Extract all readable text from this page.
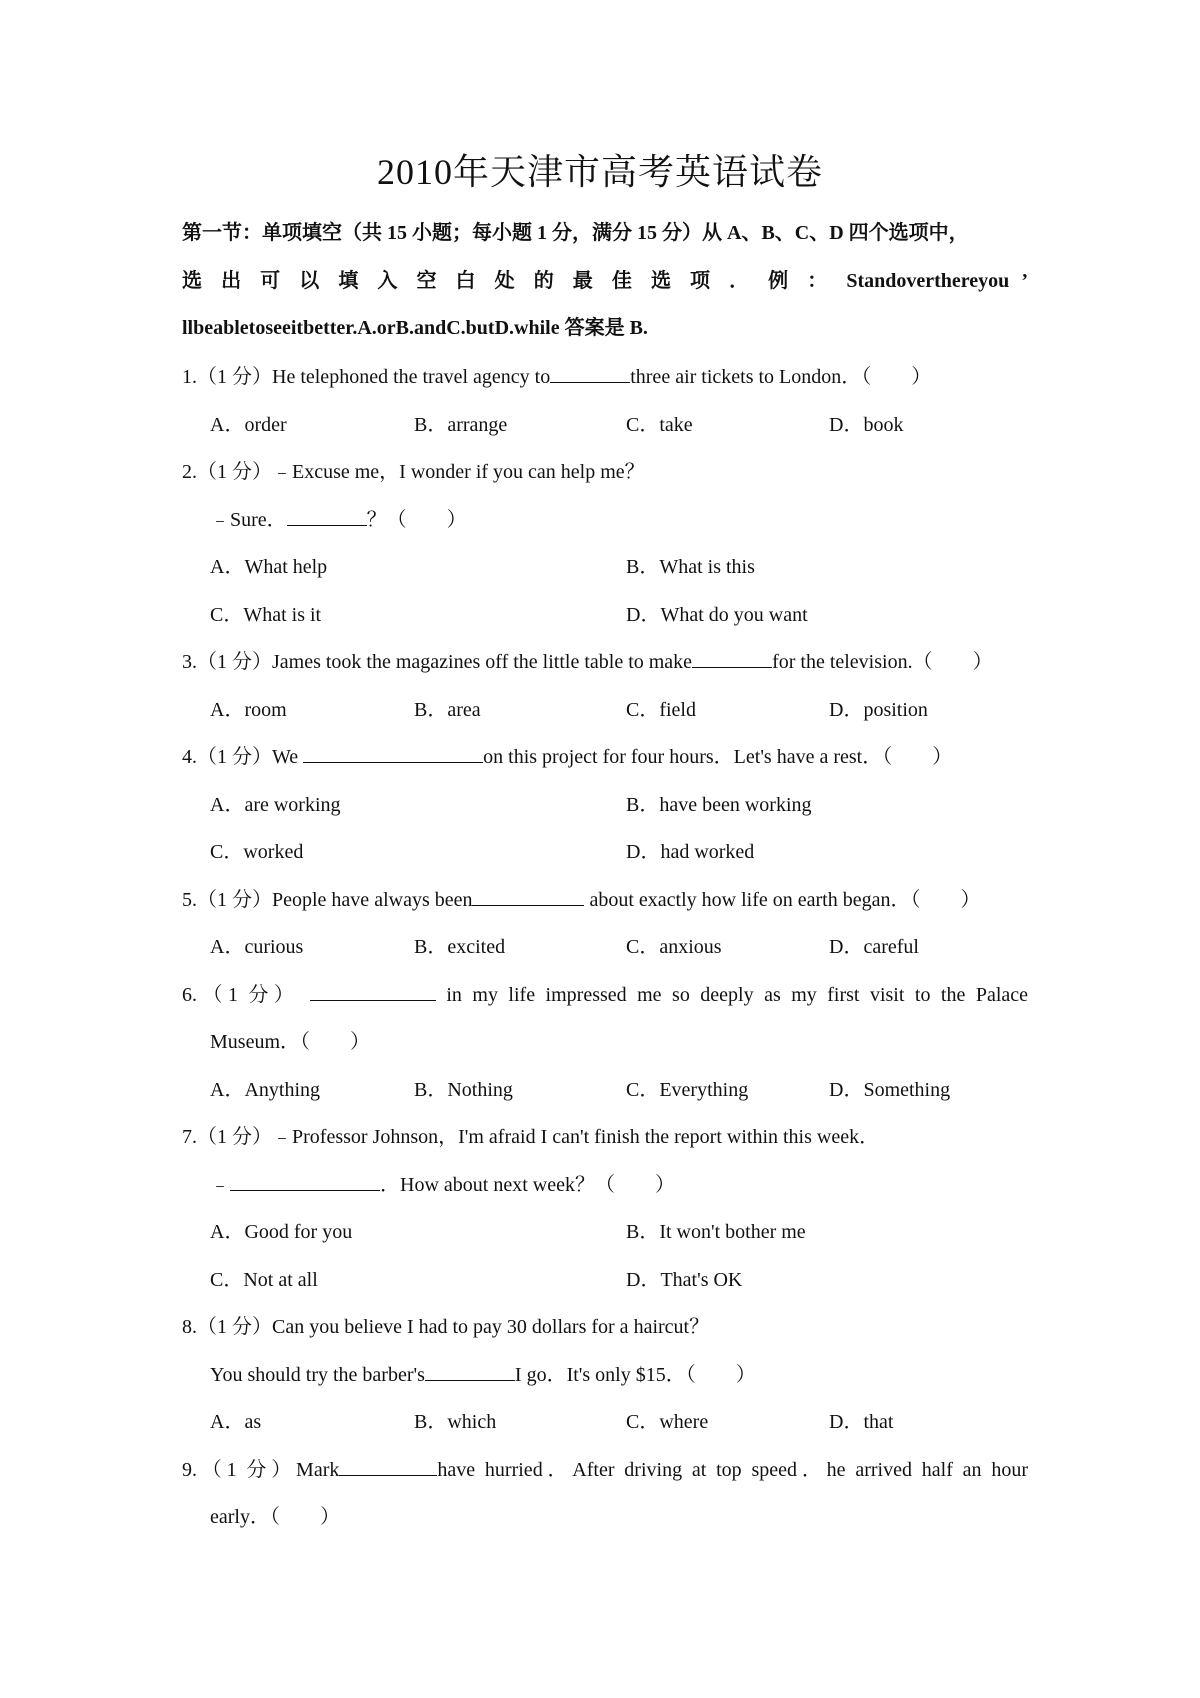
2010年天津市高考英语试卷
第一节：单项填空（共 15 小题；每小题 1 分，满分 15 分）从 A、B、C、D 四个选项中，
选 出 可 以 填 入 空 白 处 的 最 佳 选 项 ． 例 ： Standoverthereyou ’
llbeabletoseeitbetter.A.orB.andC.butD.while 答案是 B.
1.（1 分）He telephoned the travel agency to	three air tickets to London．（　　）
A．order	B．arrange	C．take	D．book
2.（1 分）﹣Excuse me，I wonder if you can help me？
﹣Sure．	？（　　）
A．What help	B．What is this
C．What is it	D．What do you want
3.（1 分）James took the magazines off the little table to make	for the television.（　　）
A．room	B．area	C．field	D．position
4.（1 分）We	on this project for four hours．Let's have a rest．（　　）
A．are working	B．have been working
C．worked	D．had worked
5.（1 分）People have always been	about exactly how life on earth began．（　　）
A．curious	B．excited	C．anxious	D．careful
6.（1 分）	in my life impressed me so deeply as my first visit to the Palace
Museum．（　　）
A．Anything	B．Nothing	C．Everything	D．Something
7.（1 分）﹣Professor Johnson，I'm afraid I can't finish the report within this week．
﹣	．How about next week？（　　）
A．Good for you	B．It won't bother me
C．Not at all	D．That's OK
8.（1 分）Can you believe I had to pay 30 dollars for a haircut？
You should try the barber's	I go．It's only $15．（　　）
A．as	B．which	C．where	D．that
9.（1 分）Mark	have hurried．After driving at top speed．he arrived half an hour
early．（　　）
